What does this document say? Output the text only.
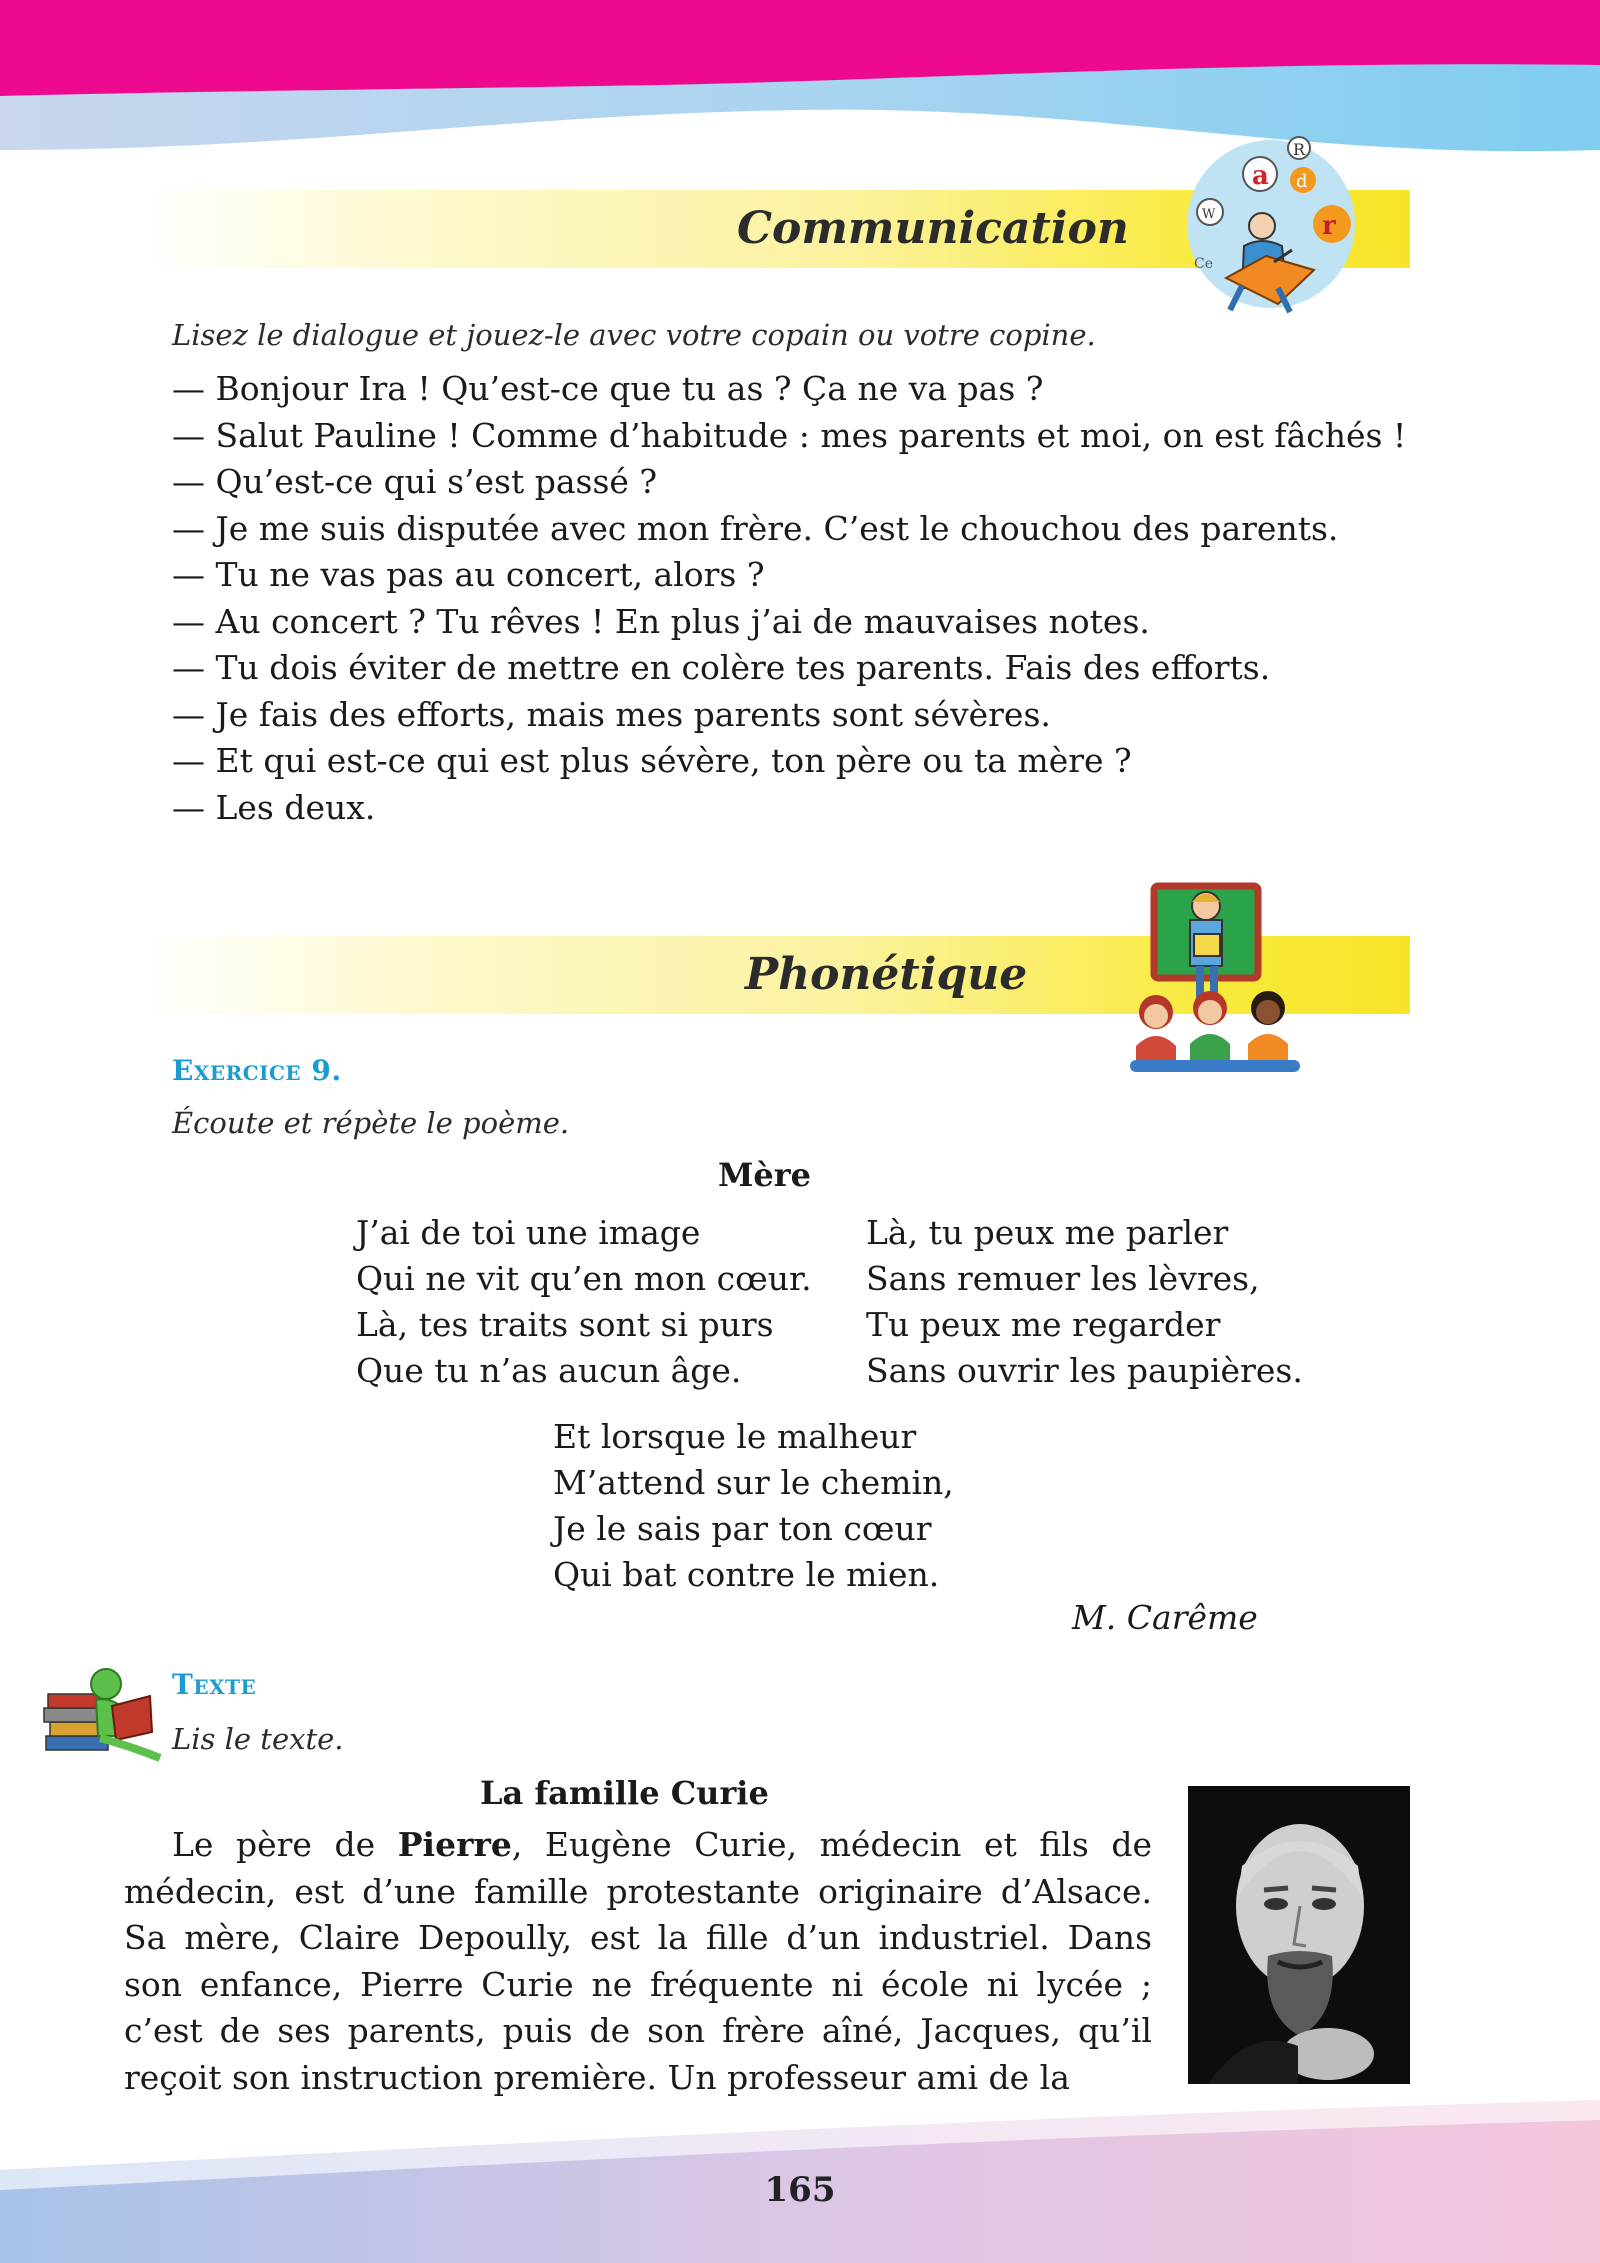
Communication
a
R
d
r
W
Ce
Lisez le dialogue et jouez-le avec votre copain ou votre copine.

— Bonjour Ira ! Qu’est-ce que tu as ? Ça ne va pas ?

— Salut Pauline ! Comme d’habitude : mes parents et moi, on est fâchés !

— Qu’est-ce qui s’est passé ?

— Je me suis disputée avec mon frère. C’est le chouchou des parents.

— Tu ne vas pas au concert, alors ?

— Au concert ? Tu rêves ! En plus j’ai de mauvaises notes.

— Tu dois éviter de mettre en colère tes parents. Fais des efforts.

— Je fais des efforts, mais mes parents sont sévères.

— Et qui est-ce qui est plus sévère, ton père ou ta mère ?

— Les deux.

Phonétique
Exercice 9.
Écoute et répète le poème.
Mère
J’ai de toi une image
Qui ne vit qu’en mon cœur.
Là, tes traits sont si purs
Que tu n’as aucun âge.
Là, tu peux me parler
Sans remuer les lèvres,
Tu peux me regarder
Sans ouvrir les paupières.
Et lorsque le malheur
M’attend sur le chemin,
Je le sais par ton cœur
Qui bat contre le mien.
M. Carême
Texte
Lis le texte.
La famille Curie
Le père de Pierre, Eugène Curie, médecin et fils de médecin, est d’une famille protestante originaire d’Alsace. Sa mère, Claire Depoully, est la fille d’un industriel. Dans son enfance, Pierre Curie ne fréquente ni école ni lycée ; c’est de ses parents, puis de son frère aîné, Jacques, qu’il reçoit son instruction première. Un professeur ami de la
165
